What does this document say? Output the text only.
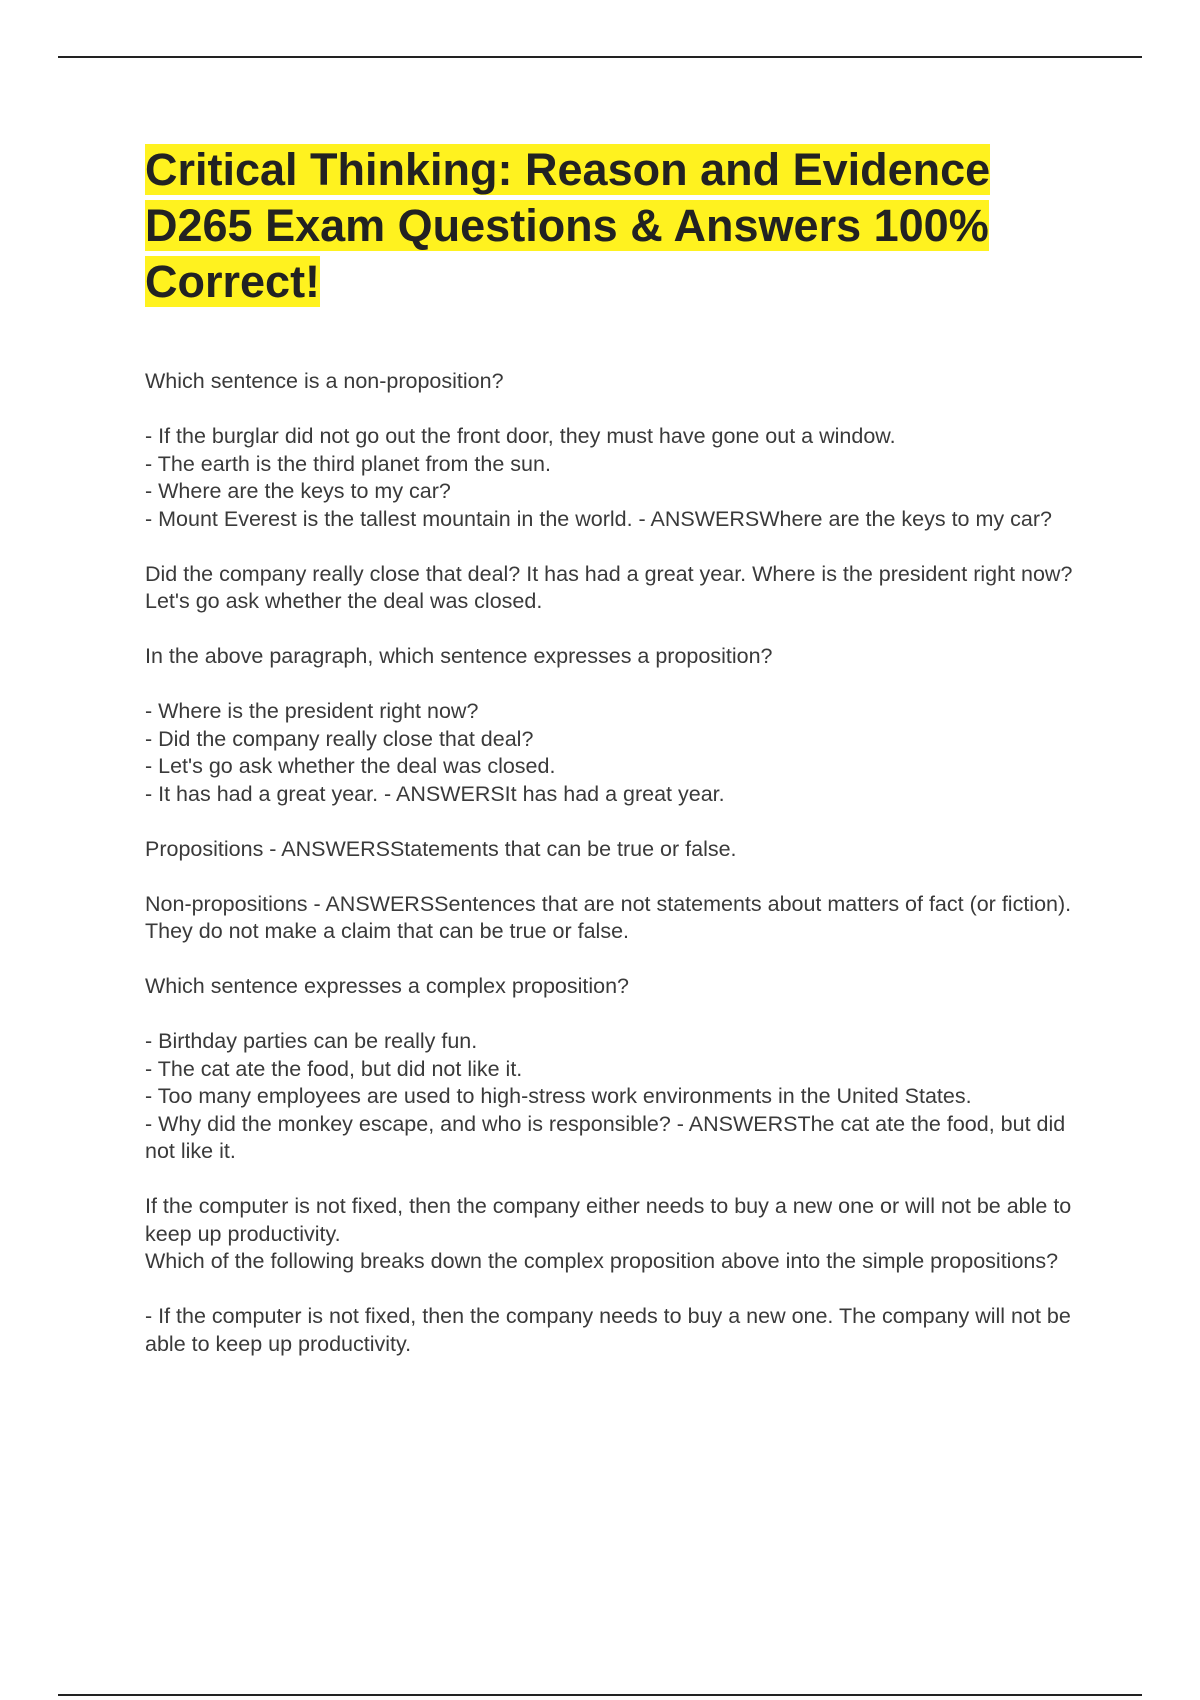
Critical Thinking: Reason and Evidence D265 Exam Questions & Answers 100% Correct!

Which sentence is a non-proposition?

- If the burglar did not go out the front door, they must have gone out a window.
- The earth is the third planet from the sun.
- Where are the keys to my car?
- Mount Everest is the tallest mountain in the world. - ANSWERSWhere are the keys to my car?

Did the company really close that deal? It has had a great year. Where is the president right now? Let's go ask whether the deal was closed.

In the above paragraph, which sentence expresses a proposition?

- Where is the president right now?
- Did the company really close that deal?
- Let's go ask whether the deal was closed.
- It has had a great year. - ANSWERSIt has had a great year.

Propositions - ANSWERSStatements that can be true or false.

Non-propositions - ANSWERSSentences that are not statements about matters of fact (or fiction). They do not make a claim that can be true or false.

Which sentence expresses a complex proposition?

- Birthday parties can be really fun.
- The cat ate the food, but did not like it.
- Too many employees are used to high-stress work environments in the United States.
- Why did the monkey escape, and who is responsible? - ANSWERSThe cat ate the food, but did not like it.

If the computer is not fixed, then the company either needs to buy a new one or will not be able to keep up productivity.
Which of the following breaks down the complex proposition above into the simple propositions?

- If the computer is not fixed, then the company needs to buy a new one. The company will not be able to keep up productivity.
